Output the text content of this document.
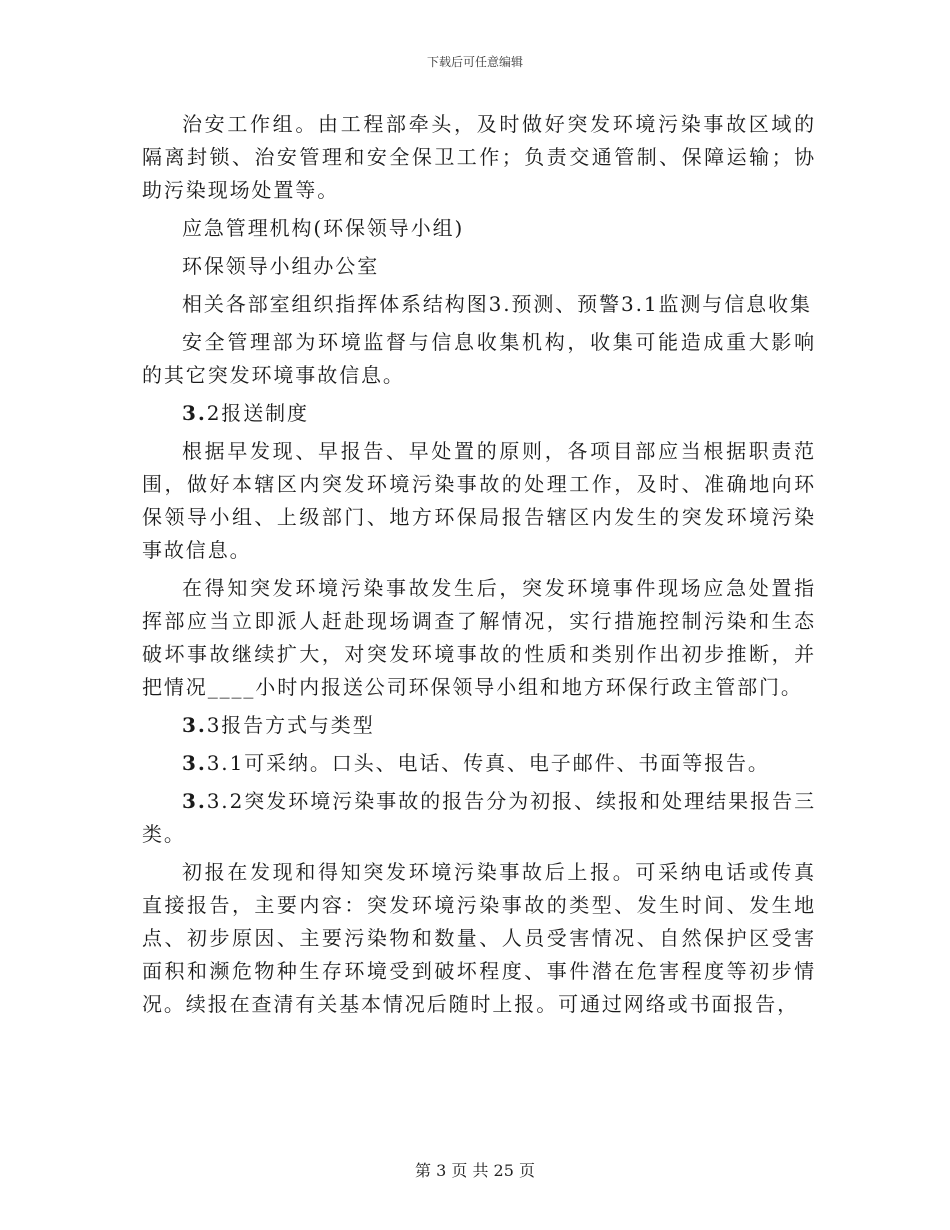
下载后可任意编辑

治安工作组。由工程部牵头，及时做好突发环境污染事故区域的隔离封锁、治安管理和安全保卫工作；负责交通管制、保障运输；协助污染现场处置等。

应急管理机构(环保领导小组)

环保领导小组办公室

相关各部室组织指挥体系结构图3.预测、预警3.1监测与信息收集

安全管理部为环境监督与信息收集机构，收集可能造成重大影响的其它突发环境事故信息。

3.2报送制度

根据早发现、早报告、早处置的原则，各项目部应当根据职责范围，做好本辖区内突发环境污染事故的处理工作，及时、准确地向环保领导小组、上级部门、地方环保局报告辖区内发生的突发环境污染事故信息。

在得知突发环境污染事故发生后，突发环境事件现场应急处置指挥部应当立即派人赶赴现场调查了解情况，实行措施控制污染和生态破坏事故继续扩大，对突发环境事故的性质和类别作出初步推断，并把情况____小时内报送公司环保领导小组和地方环保行政主管部门。

3.3报告方式与类型

3.3.1可采纳。口头、电话、传真、电子邮件、书面等报告。

3.3.2突发环境污染事故的报告分为初报、续报和处理结果报告三类。

初报在发现和得知突发环境污染事故后上报。可采纳电话或传真直接报告，主要内容：突发环境污染事故的类型、发生时间、发生地点、初步原因、主要污染物和数量、人员受害情况、自然保护区受害面积和濒危物种生存环境受到破坏程度、事件潜在危害程度等初步情况。续报在查清有关基本情况后随时上报。可通过网络或书面报告，

第 3 页 共 25 页
